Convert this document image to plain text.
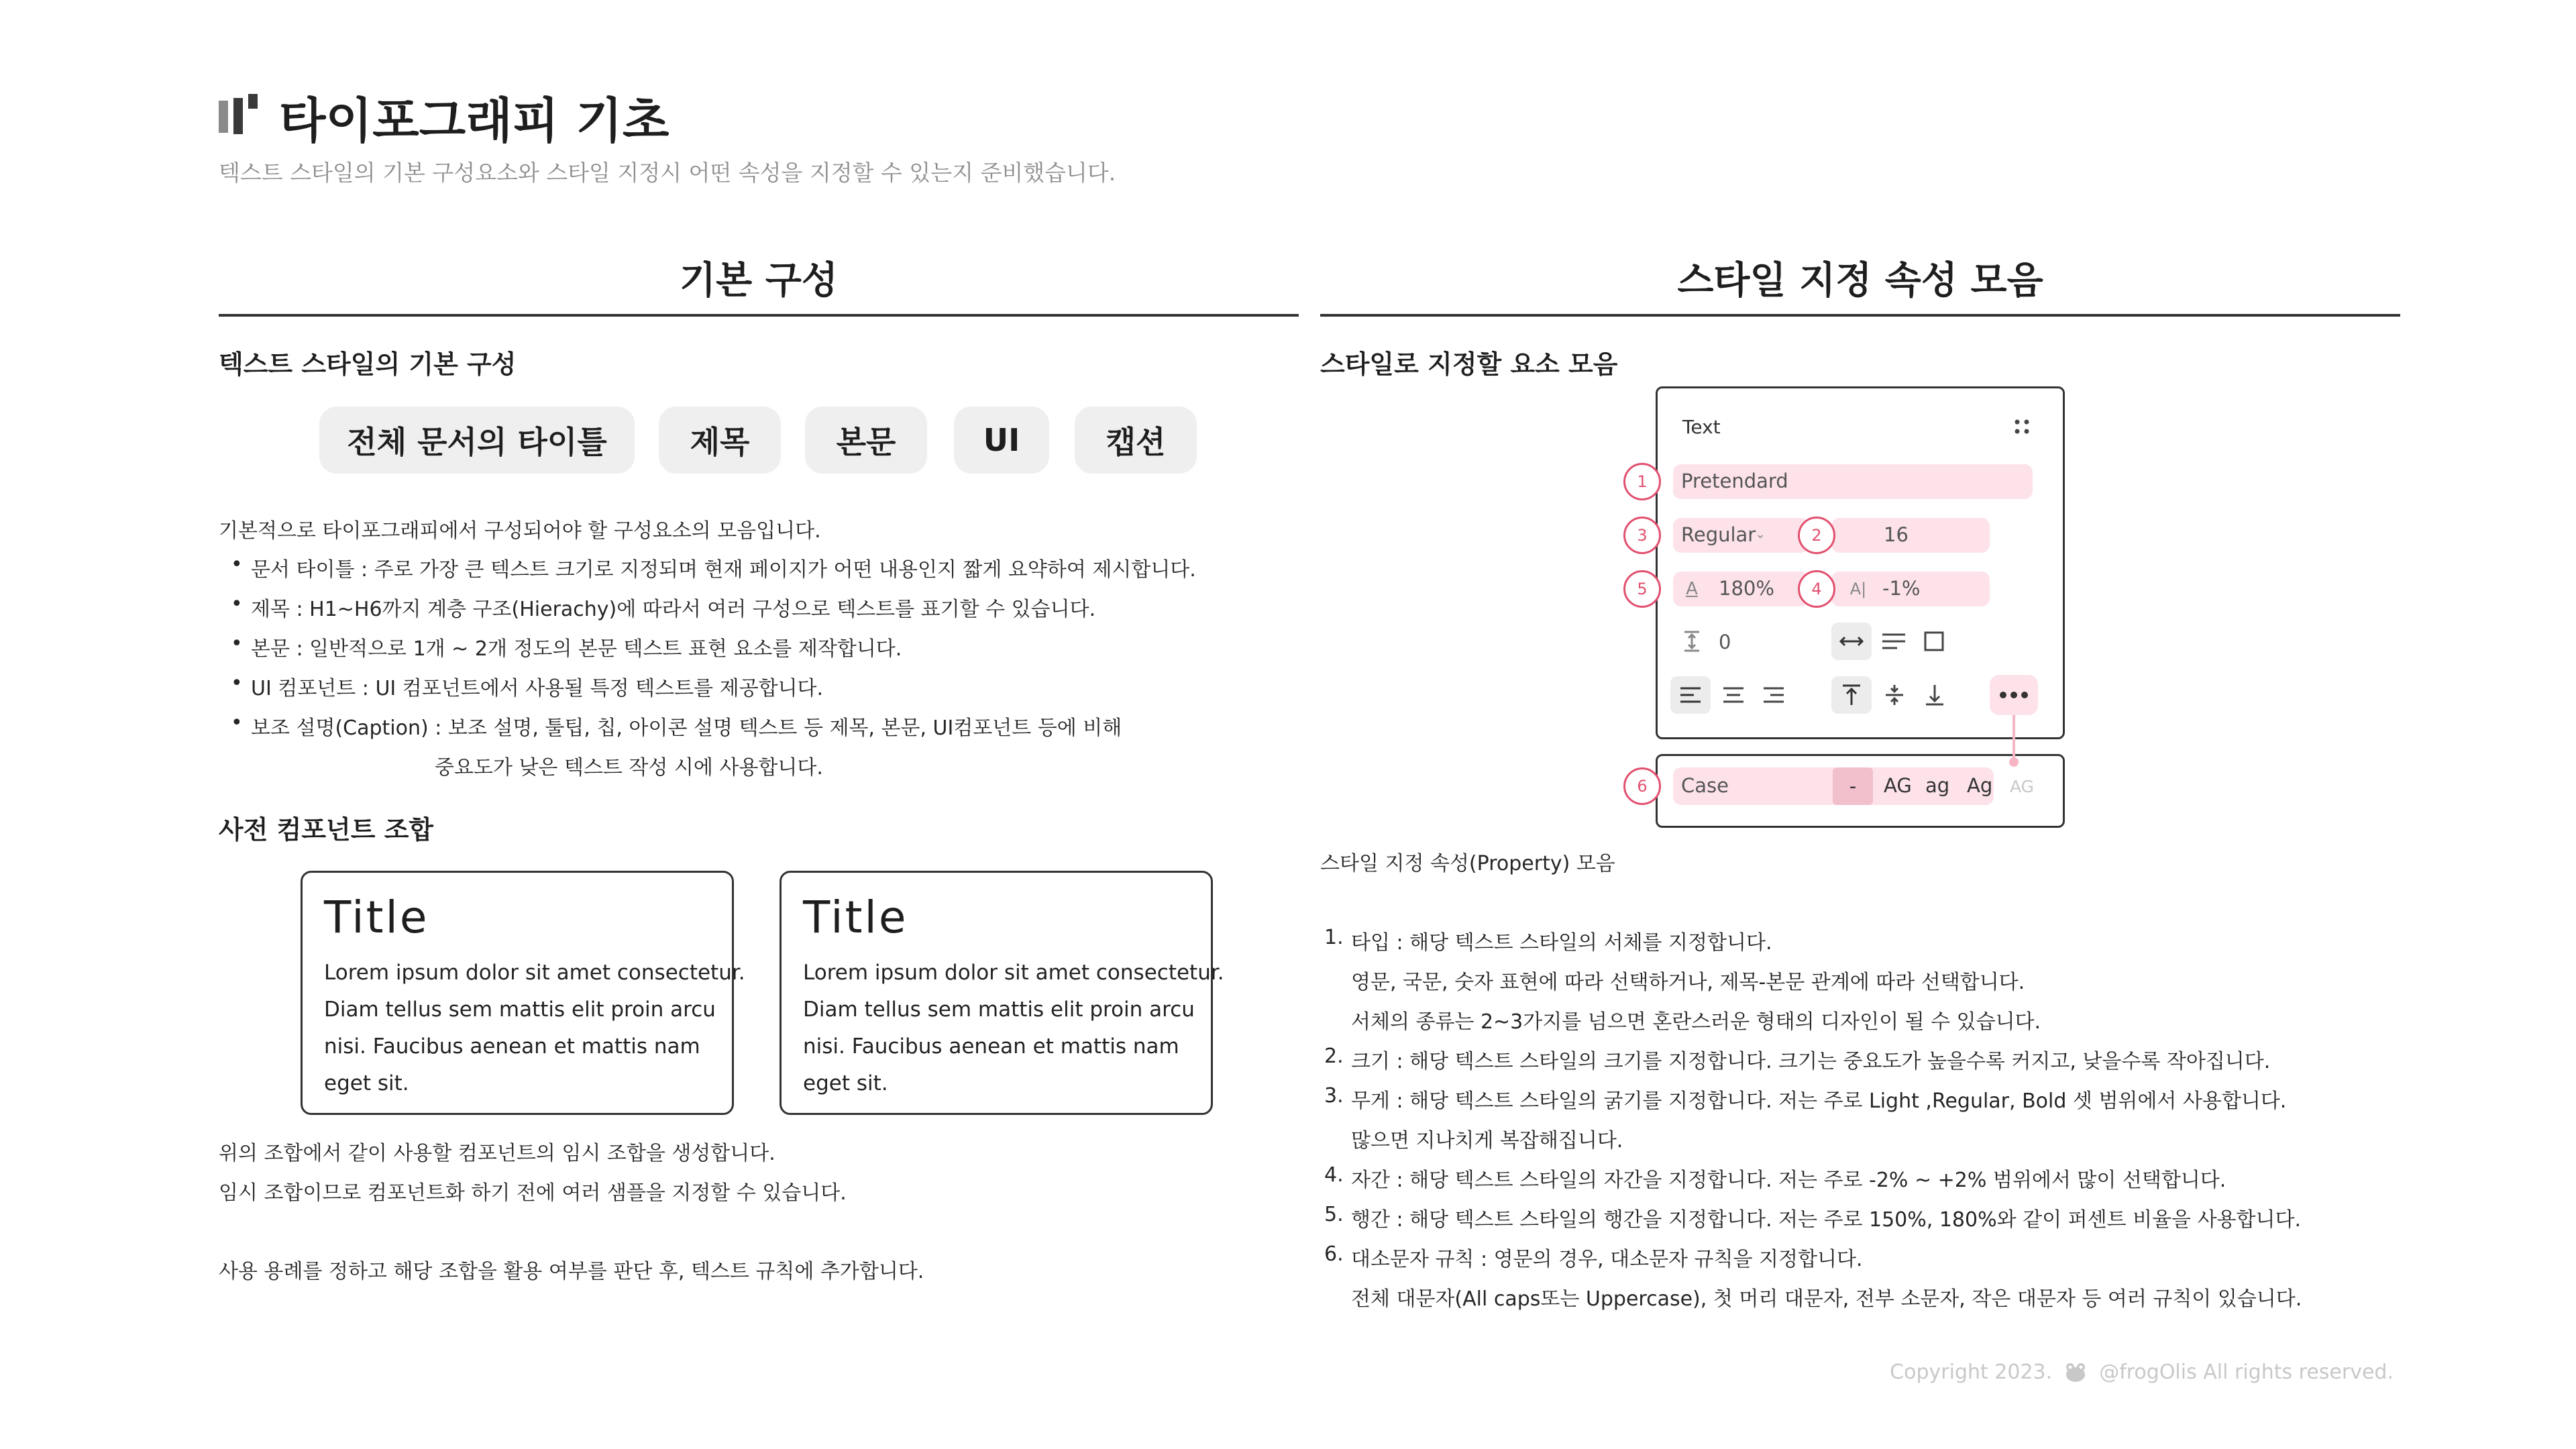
타이포그래피 기초
텍스트 스타일의 기본 구성요소와 스타일 지정시 어떤 속성을 지정할 수 있는지 준비했습니다.
기본 구성	스타일 지정 속성 모음
텍스트 스타일의 기본 구성
전체 문서의 타이틀	제목	본문	UI	캡션
기본적으로 타이포그래피에서 구성되어야 할 구성요소의 모음입니다.
• 문서 타이틀 : 주로 가장 큰 텍스트 크기로 지정되며 현재 페이지가 어떤 내용인지 짧게 요약하여 제시합니다.
• 제목 : H1~H6까지 계층 구조(Hierachy)에 따라서 여러 구성으로 텍스트를 표기할 수 있습니다.
• 본문 : 일반적으로 1개 ~ 2개 정도의 본문 텍스트 표현 요소를 제작합니다.
• UI 컴포넌트 : UI 컴포넌트에서 사용될 특정 텍스트를 제공합니다.
• 보조 설명(Caption) : 보조 설명, 툴팁, 칩, 아이콘 설명 텍스트 등 제목, 본문, UI컴포넌트 등에 비해
중요도가 낮은 텍스트 작성 시에 사용합니다.
사전 컴포넌트 조합
Title
Lorem ipsum dolor sit amet consectetur.
Diam tellus sem mattis elit proin arcu
nisi. Faucibus aenean et mattis nam
eget sit.
Title
Lorem ipsum dolor sit amet consectetur.
Diam tellus sem mattis elit proin arcu
nisi. Faucibus aenean et mattis nam
eget sit.
위의 조합에서 같이 사용할 컴포넌트의 임시 조합을 생성합니다.
임시 조합이므로 컴포넌트화 하기 전에 여러 샘플을 지정할 수 있습니다.
사용 용례를 정하고 해당 조합을 활용 여부를 판단 후, 텍스트 규칙에 추가합니다.
스타일로 지정할 요소 모음
Text
Pretendard
Regular ⌄	16
A	180%	A| -1%
0
Case	-	AG ag Ag AG
1
2
3
4
5
6
스타일 지정 속성(Property) 모음
1. 타입 : 해당 텍스트 스타일의 서체를 지정합니다.
영문, 국문, 숫자 표현에 따라 선택하거나, 제목-본문 관계에 따라 선택합니다.
서체의 종류는 2~3가지를 넘으면 혼란스러운 형태의 디자인이 될 수 있습니다.
2. 크기 : 해당 텍스트 스타일의 크기를 지정합니다. 크기는 중요도가 높을수록 커지고, 낮을수록 작아집니다.
3. 무게 : 해당 텍스트 스타일의 굵기를 지정합니다. 저는 주로 Light ,Regular, Bold 셋 범위에서 사용합니다.
많으면 지나치게 복잡해집니다.
4. 자간 : 해당 텍스트 스타일의 자간을 지정합니다. 저는 주로 -2% ~ +2% 범위에서 많이 선택합니다.
5. 행간 : 해당 텍스트 스타일의 행간을 지정합니다. 저는 주로 150%, 180%와 같이 퍼센트 비율을 사용합니다.
6. 대소문자 규칙 : 영문의 경우, 대소문자 규칙을 지정합니다.
전체 대문자(All caps또는 Uppercase), 첫 머리 대문자, 전부 소문자, 작은 대문자 등 여러 규칙이 있습니다.
Copyright 2023. @frogOlis All rights reserved.
